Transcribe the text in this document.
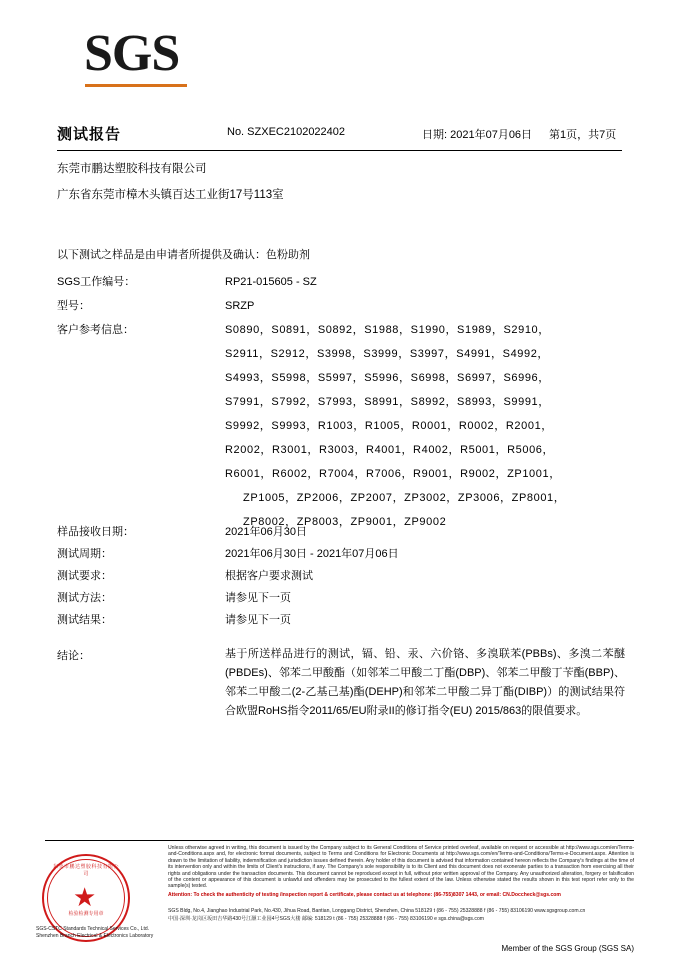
SGS
测试报告	No. SZXEC2102022402	日期: 2021年07月06日 第1页，共7页
东莞市鹏达塑胶科技有限公司
广东省东莞市樟木头镇百达工业街17号113室
以下测试之样品是由申请者所提供及确认：色粉助剂
SGS工作编号：	RP21-015605 - SZ
型号：	SRZP
客户参考信息：	S0890，S0891，S0892，S1988，S1990，S1989，S2910，
S2911，S2912，S3998，S3999，S3997，S4991，S4992，
S4993，S5998，S5997，S5996，S6998，S6997，S6996，
S7991，S7992，S7993，S8991，S8992，S8993，S9991，
S9992，S9993，R1003，R1005，R0001，R0002，R2001，
R2002，R3001，R3003，R4001，R4002，R5001，R5006，
R6001，R6002，R7004，R7006，R9001，R9002，ZP1001，
ZP1005，ZP2006，ZP2007，ZP3002，ZP3006，ZP8001，
ZP8002，ZP8003，ZP9001，ZP9002
样品接收日期：	2021年06月30日
测试周期：	2021年06月30日 - 2021年07月06日
测试要求：	根据客户要求测试
测试方法：	请参见下一页
测试结果：	请参见下一页
结论：	基于所送样品进行的测试，镉、铅、汞、六价铬、多溴联苯(PBBs)、多溴二苯醚(PBDEs)、邻苯二甲酸酯（如邻苯二甲酸二丁酯(DBP)、邻苯二甲酸丁苄酯(BBP)、邻苯二甲酸二(2-乙基己基)酯(DEHP)和邻苯二甲酸二异丁酯(DIBP)）的测试结果符合欧盟RoHS指令2011/65/EU附录II的修订指令(EU) 2015/863的限值要求。
东莞市鹏达塑胶科技有限公司
★
检验检测专用章
Unless otherwise agreed in writing, this document is issued by the Company subject to its General Conditions of Service printed overleaf, available on request or accessible at http://www.sgs.com/en/Terms-and-Conditions.aspx and, for electronic format documents, subject to Terms and Conditions for Electronic Documents at http://www.sgs.com/en/Terms-and-Conditions/Terms-e-Document.aspx. Attention is drawn to the limitation of liability, indemnification and jurisdiction issues defined therein. Any holder of this document is advised that information contained hereon reflects the Company's findings at the time of its intervention only and within the limits of Client's instructions, if any. The Company's sole responsibility is to its Client and this document does not exonerate parties to a transaction from exercising all their rights and obligations under the transaction documents. This document cannot be reproduced except in full, without prior written approval of the Company. Any unauthorized alteration, forgery or falsification of the content or appearance of this document is unlawful and offenders may be prosecuted to the fullest extent of the law. Unless otherwise stated the results shown in this test report refer only to the sample(s) tested.
Attention: To check the authenticity of testing /inspection report & certificate, please contact us at telephone: (86-755)8307 1443, or email: CN.Doccheck@sgs.com
SGS Bldg, No.4, Jianghao Industrial Park, No.430, Jihua Road, Bantian, Longgang District, Shenzhen, China 518129 t (86 - 755) 25328888 f (86 - 755) 83106190 www.sgsgroup.com.cn
中国·深圳·龙岗区坂田吉华路430号江灏工业园4号SGS大楼 邮编: 518129 t (86 - 755) 25328888 f (86 - 755) 83106190 e sgs.china@sgs.com
SGS-CSTC Standards Technical Services Co., Ltd. Shenzhen Branch Electrical & Electronics Laboratory
Member of the SGS Group (SGS SA)
